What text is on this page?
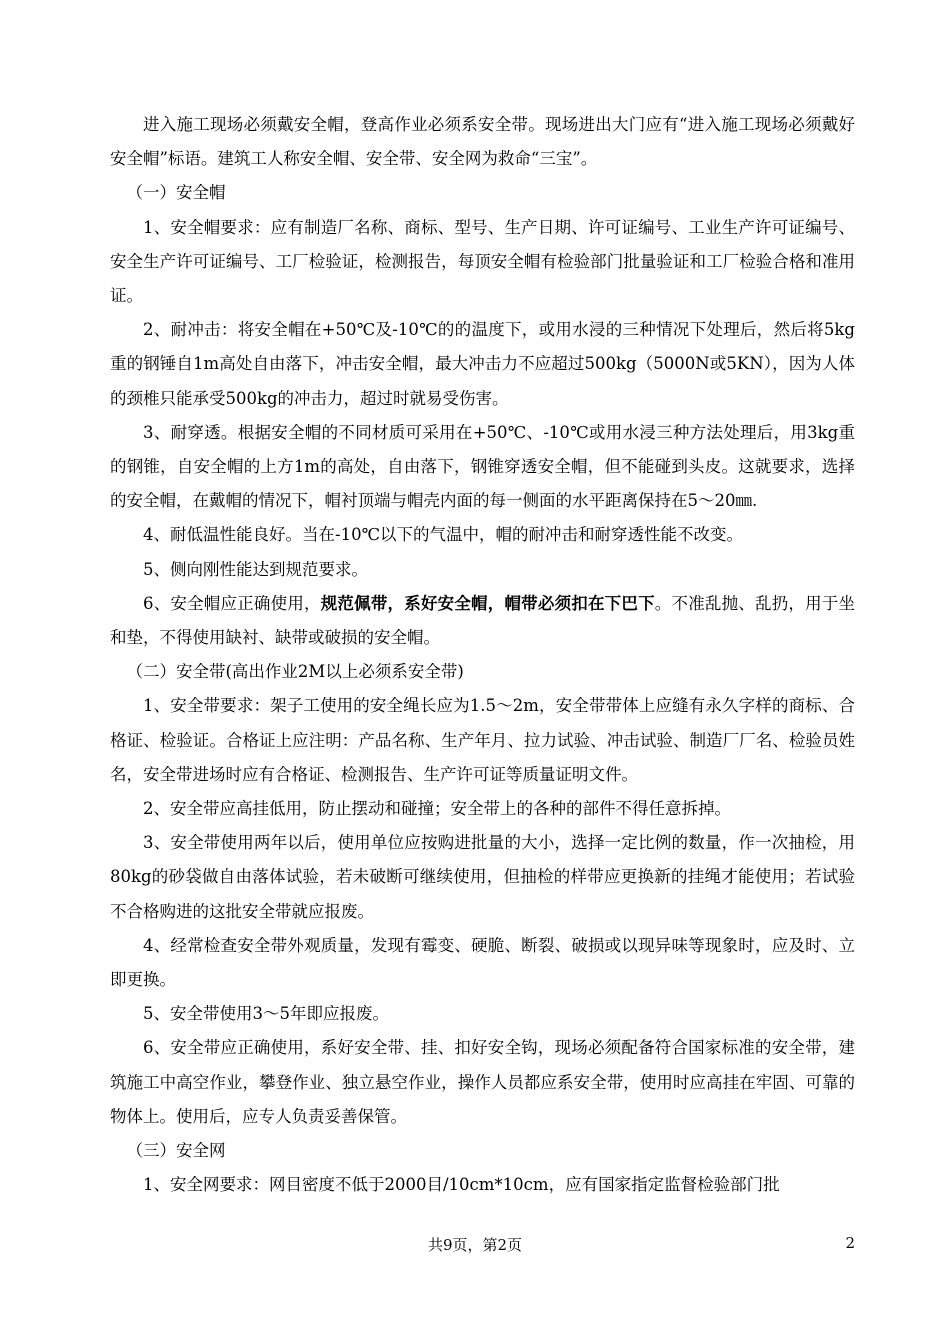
进入施工现场必须戴安全帽，登高作业必须系安全带。现场进出大门应有“进入施工现场必须戴好安全帽”标语。建筑工人称安全帽、安全带、安全网为救命“三宝”。

（一）安全帽

1、安全帽要求：应有制造厂名称、商标、型号、生产日期、许可证编号、工业生产许可证编号、安全生产许可证编号、工厂检验证，检测报告，每顶安全帽有检验部门批量验证和工厂检验合格和准用证。

2、耐冲击：将安全帽在+50℃及-10℃的的温度下，或用水浸的三种情况下处理后，然后将5kg重的钢锤自1m高处自由落下，冲击安全帽，最大冲击力不应超过500kg（5000N或5KN），因为人体的颈椎只能承受500kg的冲击力，超过时就易受伤害。

3、耐穿透。根据安全帽的不同材质可采用在+50℃、-10℃或用水浸三种方法处理后，用3kg重的钢锥，自安全帽的上方1m的高处，自由落下，钢锥穿透安全帽，但不能碰到头皮。这就要求，选择的安全帽，在戴帽的情况下，帽衬顶端与帽壳内面的每一侧面的水平距离保持在5～20㎜.

4、耐低温性能良好。当在-10℃以下的气温中，帽的耐冲击和耐穿透性能不改变。

5、侧向刚性能达到规范要求。

6、安全帽应正确使用，规范佩带，系好安全帽，帽带必须扣在下巴下。不准乱抛、乱扔，用于坐和垫，不得使用缺衬、缺带或破损的安全帽。

（二）安全带(高出作业2M以上必须系安全带)

1、安全带要求：架子工使用的安全绳长应为1.5～2m，安全带带体上应缝有永久字样的商标、合格证、检验证。合格证上应注明：产品名称、生产年月、拉力试验、冲击试验、制造厂厂名、检验员姓名，安全带进场时应有合格证、检测报告、生产许可证等质量证明文件。

2、安全带应高挂低用，防止摆动和碰撞；安全带上的各种的部件不得任意拆掉。

3、安全带使用两年以后，使用单位应按购进批量的大小，选择一定比例的数量，作一次抽检，用80kg的砂袋做自由落体试验，若未破断可继续使用，但抽检的样带应更换新的挂绳才能使用；若试验不合格购进的这批安全带就应报废。

4、经常检查安全带外观质量，发现有霉变、硬脆、断裂、破损或以现异味等现象时，应及时、立即更换。

5、安全带使用3～5年即应报废。

6、安全带应正确使用，系好安全带、挂、扣好安全钩，现场必须配备符合国家标准的安全带，建筑施工中高空作业，攀登作业、独立悬空作业，操作人员都应系安全带，使用时应高挂在牢固、可靠的物体上。使用后，应专人负责妥善保管。

（三）安全网

1、安全网要求：网目密度不低于2000目/10cm*10cm，应有国家指定监督检验部门批

共9页，第2页	2
